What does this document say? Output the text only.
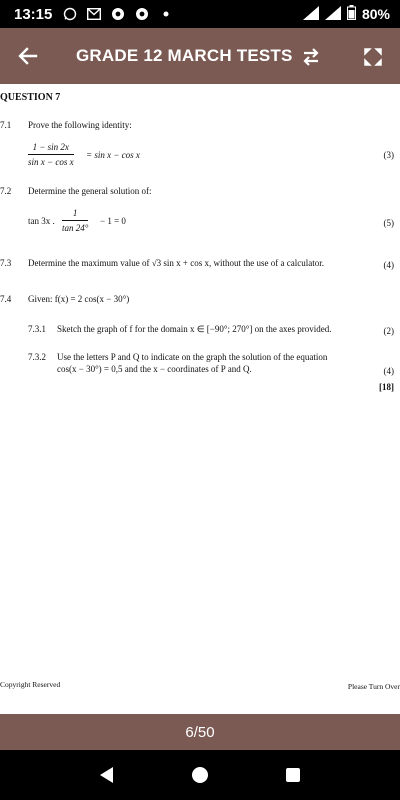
13:15	80%
GRADE 12 MARCH TESTS
QUESTION 7
7.1 Prove the following identity:
1 − sin 2x
sin x − cos x
= sin x − cos x	(3)
7.2 Determine the general solution of:
tan 3x .
1
tan 24°
− 1 = 0	(5)
7.3 Determine the maximum value of √3 sin x + cos x, without the use of a calculator.	(4)
7.4 Given: f(x) = 2 cos(x − 30°)
7.3.1 Sketch the graph of f for the domain x ∈ [−90°; 270°] on the axes provided.	(2)
7.3.2 Use the letters P and Q to indicate on the graph the solution of the equation
cos(x − 30°) = 0,5 and the x − coordinates of P and Q.	(4)
[18]
Copyright Reserved	Please Turn Over
6/50
